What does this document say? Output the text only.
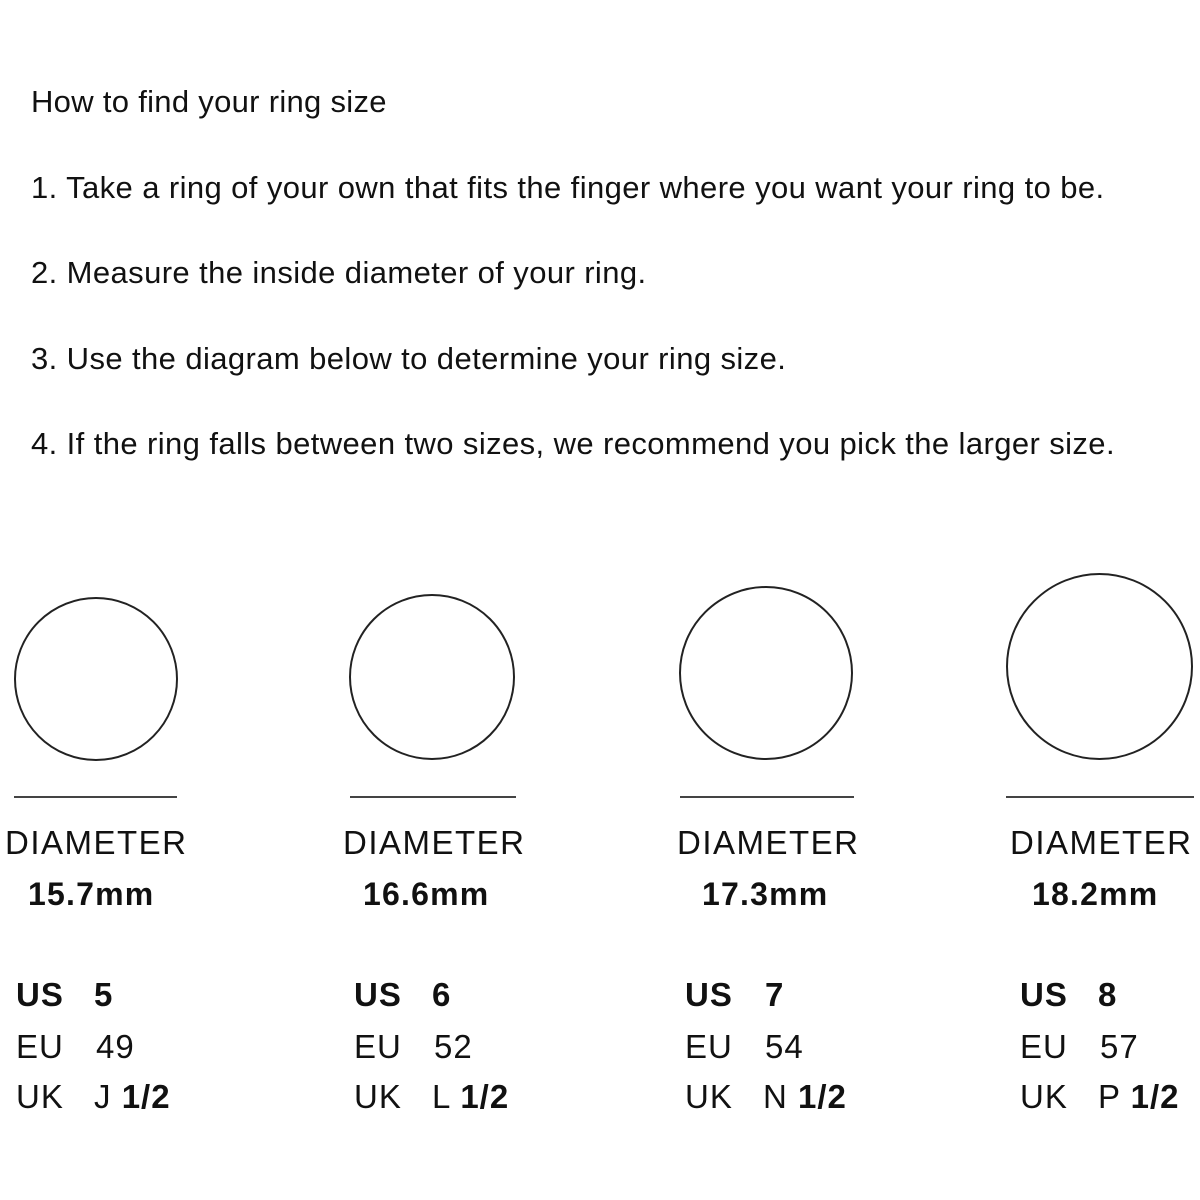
How to find your ring size

1. Take a ring of your own that fits the finger where you want your ring to be.

2. Measure the inside diameter of your ring.

3. Use the diagram below to determine your ring size.

4. If the ring falls between two sizes, we recommend you pick the larger size.

DIAMETER
15.7mm
US 5
EU 49
UK J 1/2
DIAMETER
16.6mm
US 6
EU 52
UK L 1/2
DIAMETER
17.3mm
US 7
EU 54
UK N 1/2
DIAMETER
18.2mm
US 8
EU 57
UK P 1/2
